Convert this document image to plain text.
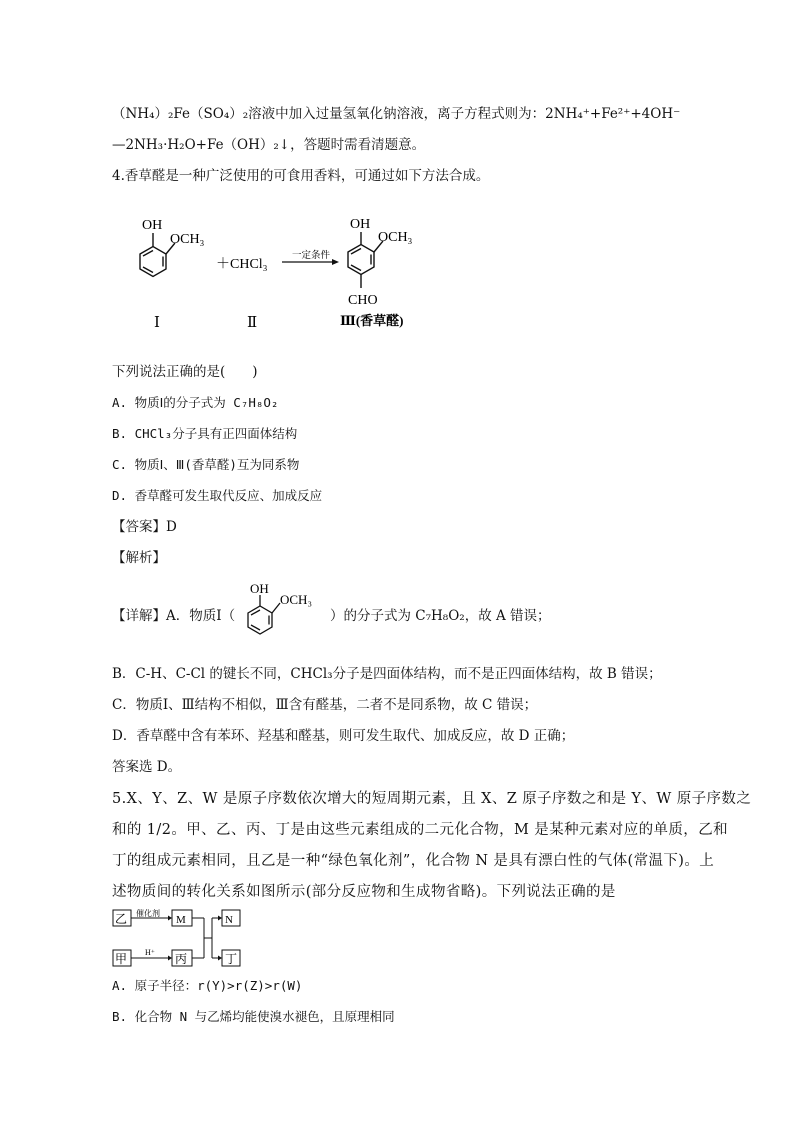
（NH₄）₂Fe（SO₄）₂溶液中加入过量氢氧化钠溶液，离子方程式则为：2NH₄⁺+Fe²⁺+4OH⁻
—2NH₃·H₂O+Fe（OH）₂↓，答题时需看清题意。
4.香草醛是一种广泛使用的可食用香料，可通过如下方法合成。
OH
OCH₃
＋CHCl₃
一定条件
OH
OCH₃
CHO
Ⅰ	Ⅱ	Ⅲ(香草醛)
下列说法正确的是(　　)
A. 物质Ⅰ的分子式为 C₇H₈O₂
B. CHCl₃分子具有正四面体结构
C. 物质Ⅰ、Ⅲ(香草醛)互为同系物
D. 香草醛可发生取代反应、加成反应
【答案】D
【解析】
【详解】A．物质Ⅰ（
OH
OCH₃
）的分子式为 C₇H₈O₂，故 A 错误；
B．C-H、C-Cl 的键长不同，CHCl₃分子是四面体结构，而不是正四面体结构，故 B 错误；
C．物质Ⅰ、Ⅲ结构不相似，Ⅲ含有醛基，二者不是同系物，故 C 错误；
D．香草醛中含有苯环、羟基和醛基，则可发生取代、加成反应，故 D 正确；
答案选 D。
5.X、Y、Z、W 是原子序数依次增大的短周期元素，且 X、Z 原子序数之和是 Y、W 原子序数之
和的 1/2。甲、乙、丙、丁是由这些元素组成的二元化合物，M 是某种元素对应的单质，乙和
丁的组成元素相同，且乙是一种“绿色氧化剂”，化合物 N 是具有漂白性的气体(常温下)。上
述物质间的转化关系如图所示(部分反应物和生成物省略)。下列说法正确的是
乙 催化剂
M
甲 H⁺ 丙
N
丁
A. 原子半径：r(Y)>r(Z)>r(W)
B. 化合物 N 与乙烯均能使溴水褪色，且原理相同
